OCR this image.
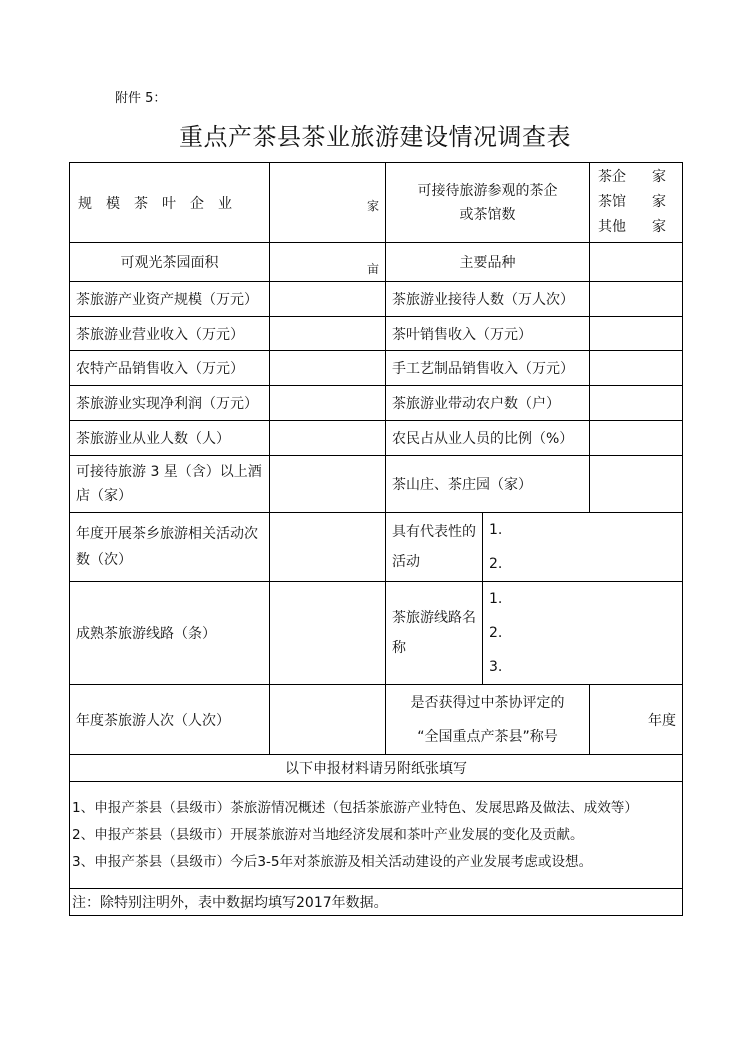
附件 5：
重点产茶县茶业旅游建设情况调查表
规模茶叶企业	家	可接待旅游参观的茶企或茶馆数		茶企 家
茶馆 家
其他 家

可观光茶园面积	亩	主要品种		
茶旅游产业资产规模（万元）		茶旅游业接待人数（万人次）		
茶旅游业营业收入（万元）		茶叶销售收入（万元）		
农特产品销售收入（万元）		手工艺制品销售收入（万元）		
茶旅游业实现净利润（万元）		茶旅游业带动农户数（户）		
茶旅游业从业人数（人）		农民占从业人员的比例（%）		
可接待旅游 3 星（含）以上酒店（家）		茶山庄、茶庄园（家）		
年度开展茶乡旅游相关活动次数（次）		具有代表性的活动	1.
2.	

成熟茶旅游线路（条）		茶旅游线路名称	1.
2.
3.	

年度茶旅游人次（人次）		是否获得过中茶协评定的
“全国重点产茶县”称号		年度
以下申报材料请另附纸张填写				

1、申报产茶县（县级市）茶旅游情况概述（包括茶旅游产业特色、发展思路及做法、成效等）
2、申报产茶县（县级市）开展茶旅游对当地经济发展和茶叶产业发展的变化及贡献。
3、申报产茶县（县级市）今后3-5年对茶旅游及相关活动建设的产业发展考虑或设想。				

注：除特别注明外，表中数据均填写2017年数据。				
